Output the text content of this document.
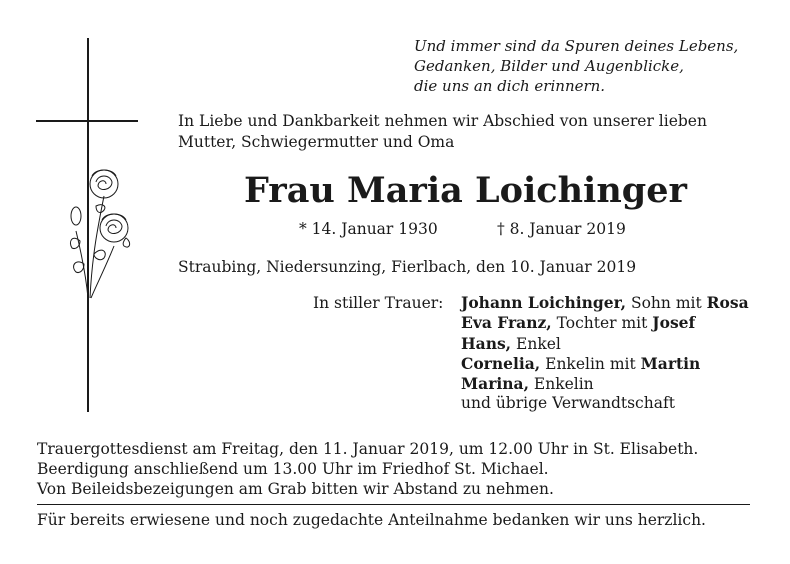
Und immer sind da Spuren deines Lebens,
Gedanken, Bilder und Augenblicke,
die uns an dich erinnern.
In Liebe und Dankbarkeit nehmen wir Abschied von unserer lieben
Mutter, Schwiegermutter und Oma
Frau Maria Loichinger
* 14. Januar 1930	† 8. Januar 2019
Straubing, Niedersunzing, Fierlbach, den 10. Januar 2019
In stiller Trauer: Johann Loichinger, Sohn mit Rosa
Eva Franz, Tochter mit Josef
Hans, Enkel
Cornelia, Enkelin mit Martin
Marina, Enkelin
und übrige Verwandtschaft
Trauergottesdienst am Freitag, den 11. Januar 2019, um 12.00 Uhr in St. Elisabeth.
Beerdigung anschließend um 13.00 Uhr im Friedhof St. Michael.
Von Beileidsbezeigungen am Grab bitten wir Abstand zu nehmen.
Für bereits erwiesene und noch zugedachte Anteilnahme bedanken wir uns herzlich.
